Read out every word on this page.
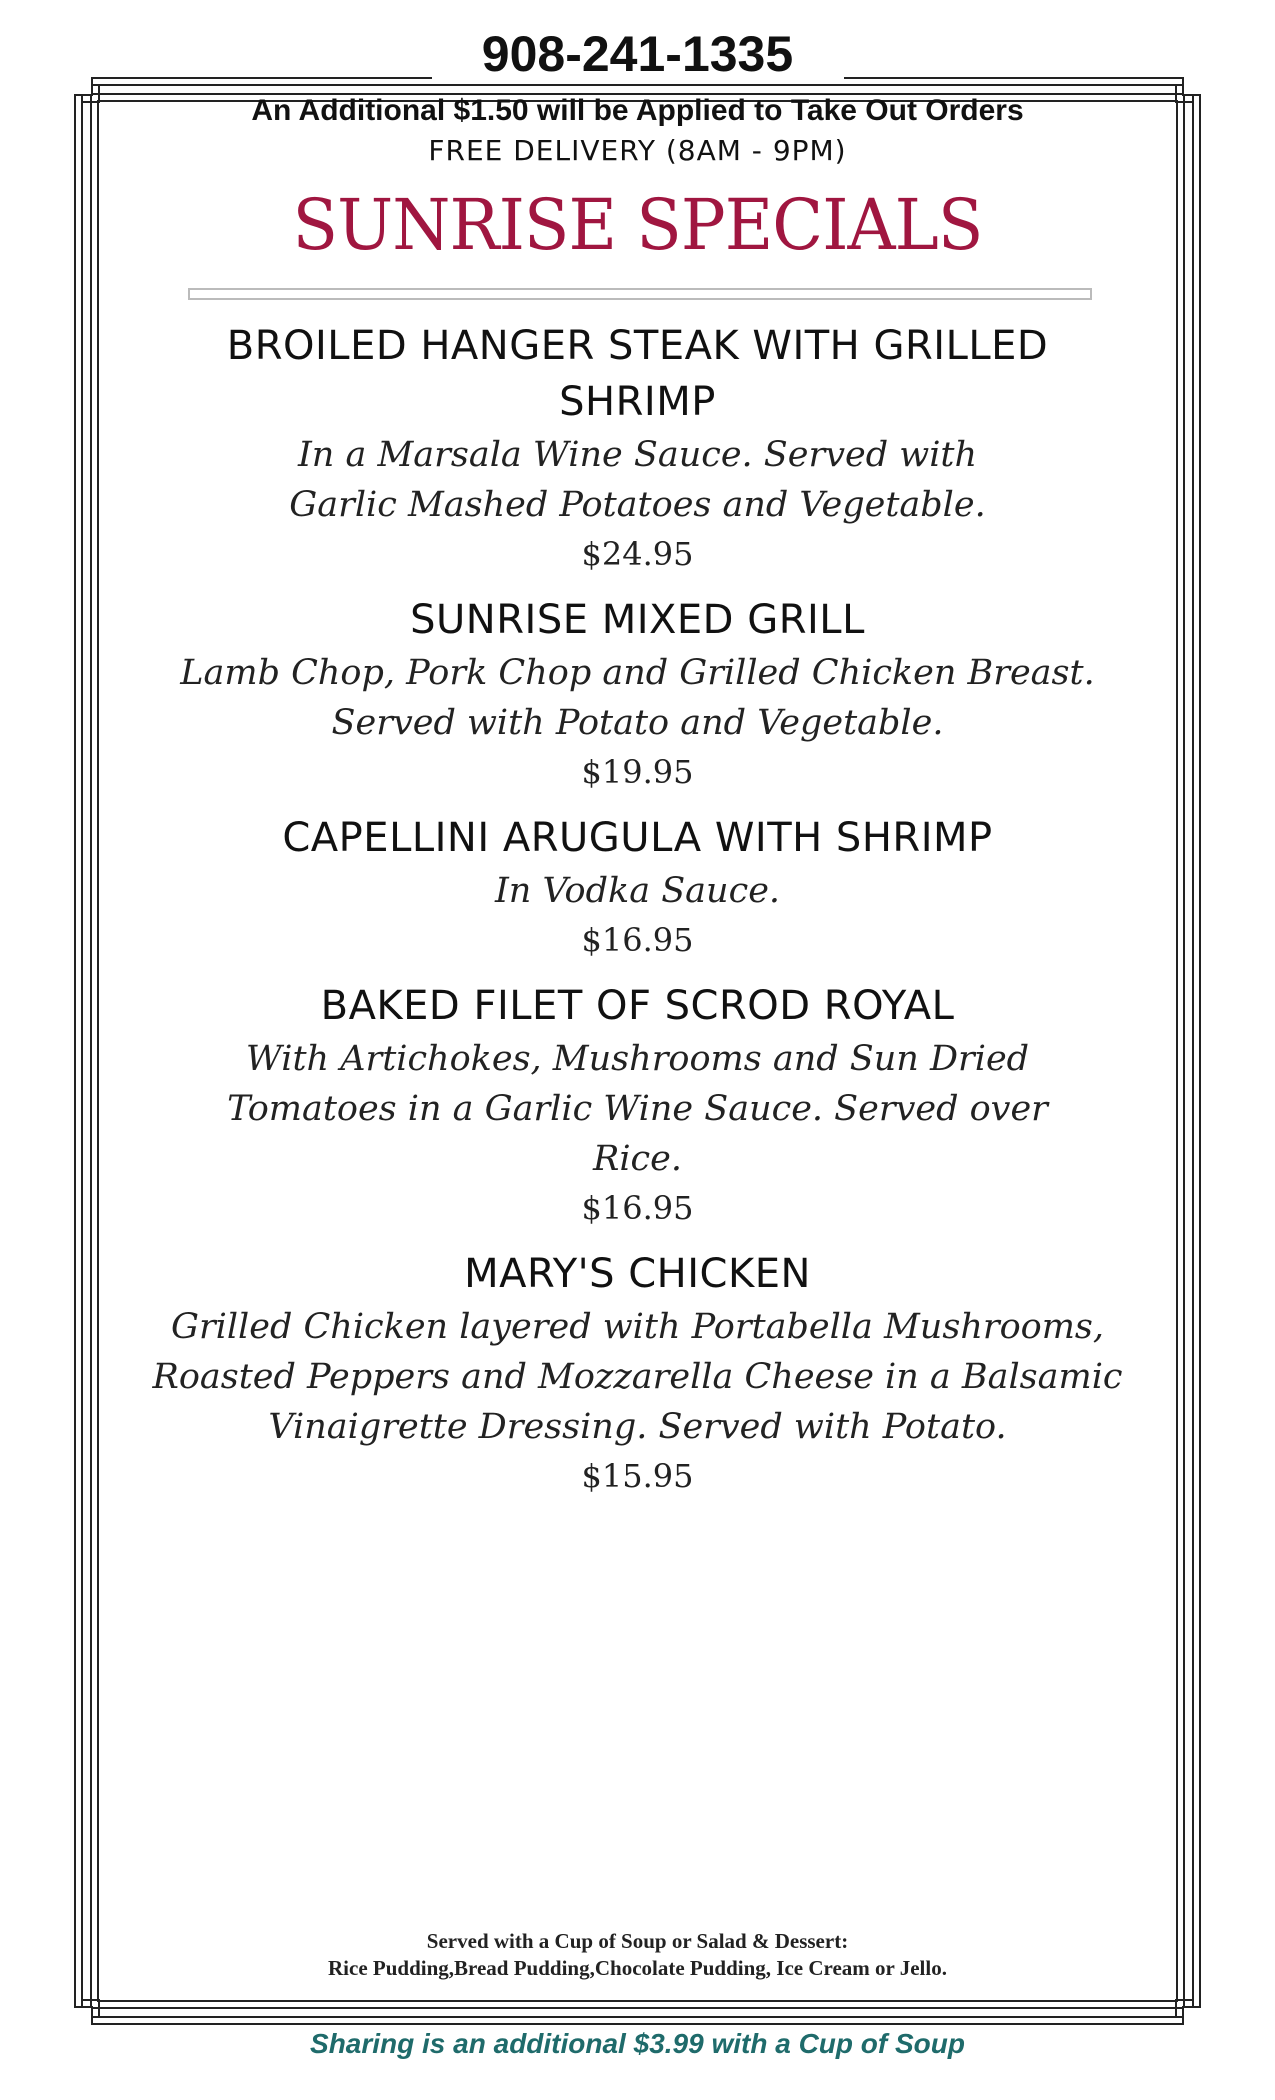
908-241-1335
An Additional $1.50 will be Applied to Take Out Orders
FREE DELIVERY (8AM - 9PM)
SUNRISE SPECIALS
BROILED HANGER STEAK WITH GRILLED SHRIMP
In a Marsala Wine Sauce. Served with Garlic Mashed Potatoes and Vegetable.
$24.95
SUNRISE MIXED GRILL
Lamb Chop, Pork Chop and Grilled Chicken Breast. Served with Potato and Vegetable.
$19.95
CAPELLINI ARUGULA WITH SHRIMP
In Vodka Sauce.
$16.95
BAKED FILET OF SCROD ROYAL
With Artichokes, Mushrooms and Sun Dried Tomatoes in a Garlic Wine Sauce. Served over Rice.
$16.95
MARY'S CHICKEN
Grilled Chicken layered with Portabella Mushrooms, Roasted Peppers and Mozzarella Cheese in a Balsamic Vinaigrette Dressing. Served with Potato.
$15.95
Served with a Cup of Soup or Salad & Dessert:
Rice Pudding,Bread Pudding,Chocolate Pudding, Ice Cream or Jello.
Sharing is an additional $3.99 with a Cup of Soup
